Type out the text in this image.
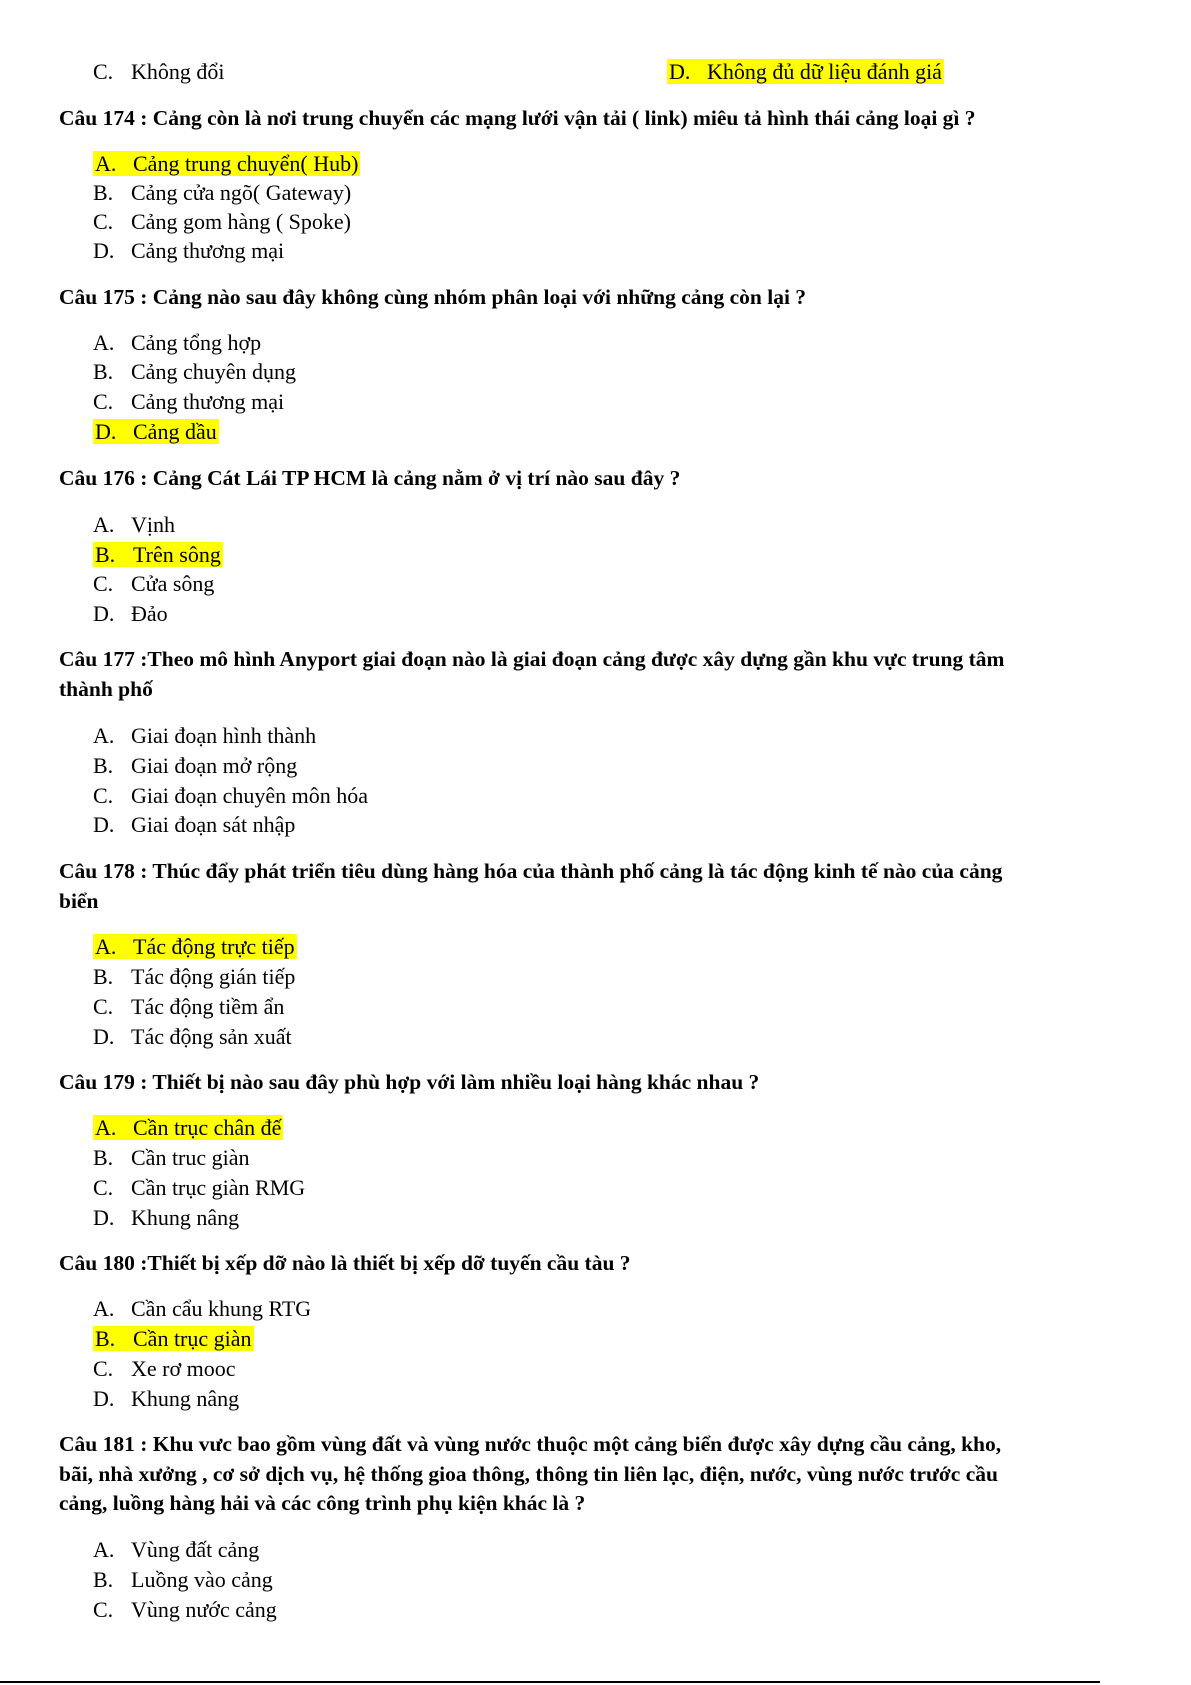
C. Không đổi	D. Không đủ dữ liệu đánh giá
Câu 174 : Cảng còn là nơi trung chuyển các mạng lưới vận tải ( link) miêu tả hình thái cảng loại gì ?
A. Cảng trung chuyển( Hub)
B. Cảng cửa ngõ( Gateway)
C. Cảng gom hàng ( Spoke)
D. Cảng thương mại
Câu 175 : Cảng nào sau đây không cùng nhóm phân loại với những cảng còn lại ?
A. Cảng tổng hợp
B. Cảng chuyên dụng
C. Cảng thương mại
D. Cảng dầu
Câu 176 : Cảng Cát Lái TP HCM là cảng nằm ở vị trí nào sau đây ?
A. Vịnh
B. Trên sông
C. Cửa sông
D. Đảo
Câu 177 :Theo mô hình Anyport giai đoạn nào là giai đoạn cảng được xây dựng gần khu vực trung tâm
thành phố
A. Giai đoạn hình thành
B. Giai đoạn mở rộng
C. Giai đoạn chuyên môn hóa
D. Giai đoạn sát nhập
Câu 178 : Thúc đẩy phát triển tiêu dùng hàng hóa của thành phố cảng là tác động kinh tế nào của cảng
biển
A. Tác động trực tiếp
B. Tác động gián tiếp
C. Tác động tiềm ẩn
D. Tác động sản xuất
Câu 179 : Thiết bị nào sau đây phù hợp với làm nhiều loại hàng khác nhau ?
A. Cần trục chân đế
B. Cần truc giàn
C. Cần trục giàn RMG
D. Khung nâng
Câu 180 :Thiết bị xếp dỡ nào là thiết bị xếp dỡ tuyến cầu tàu ?
A. Cần cẩu khung RTG
B. Cần trục giàn
C. Xe rơ mooc
D. Khung nâng
Câu 181 : Khu vưc bao gồm vùng đất và vùng nước thuộc một cảng biển được xây dựng cầu cảng, kho,
bãi, nhà xưởng , cơ sở dịch vụ, hệ thống gioa thông, thông tin liên lạc, điện, nước, vùng nước trước cầu
cảng, luồng hàng hải và các công trình phụ kiện khác là ?
A. Vùng đất cảng
B. Luồng vào cảng
C. Vùng nước cảng
